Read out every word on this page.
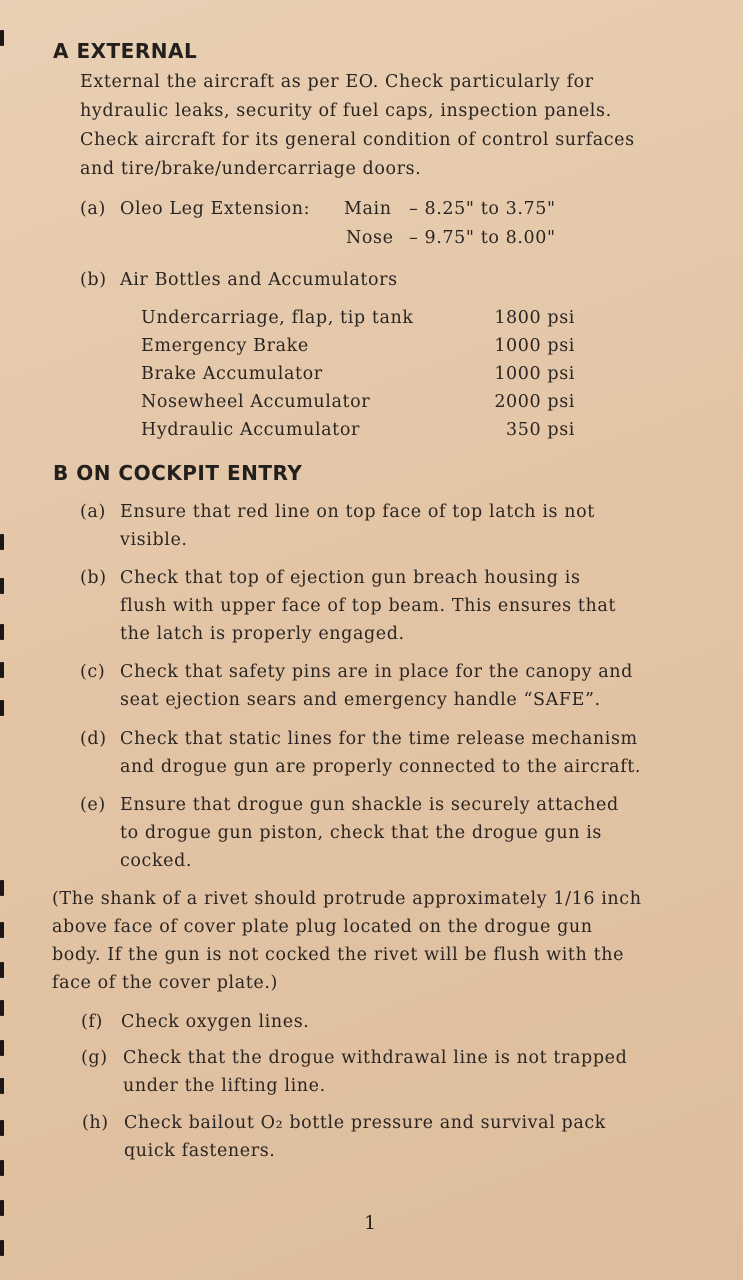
A EXTERNAL
External the aircraft as per EO. Check particularly for
hydraulic leaks, security of fuel caps, inspection panels.
Check aircraft for its general condition of control surfaces
and tire/brake/undercarriage doors.
(a) Oleo Leg Extension: Main – 8.25" to 3.75"
Nose – 9.75" to 8.00"
(b) Air Bottles and Accumulators
Undercarriage, flap, tip tank	1800 psi
Emergency Brake	1000 psi
Brake Accumulator	1000 psi
Nosewheel Accumulator	2000 psi
Hydraulic Accumulator	350 psi
B ON COCKPIT ENTRY
(a) Ensure that red line on top face of top latch is not
visible.
(b) Check that top of ejection gun breach housing is
flush with upper face of top beam. This ensures that
the latch is properly engaged.
(c) Check that safety pins are in place for the canopy and
seat ejection sears and emergency handle “SAFE”.
(d) Check that static lines for the time release mechanism
and drogue gun are properly connected to the aircraft.
(e) Ensure that drogue gun shackle is securely attached
to drogue gun piston, check that the drogue gun is
cocked.
(The shank of a rivet should protrude approximately 1/16 inch
above face of cover plate plug located on the drogue gun
body. If the gun is not cocked the rivet will be flush with the
face of the cover plate.)
(f) Check oxygen lines.
(g) Check that the drogue withdrawal line is not trapped
under the lifting line.
(h) Check bailout O₂ bottle pressure and survival pack
quick fasteners.
1
